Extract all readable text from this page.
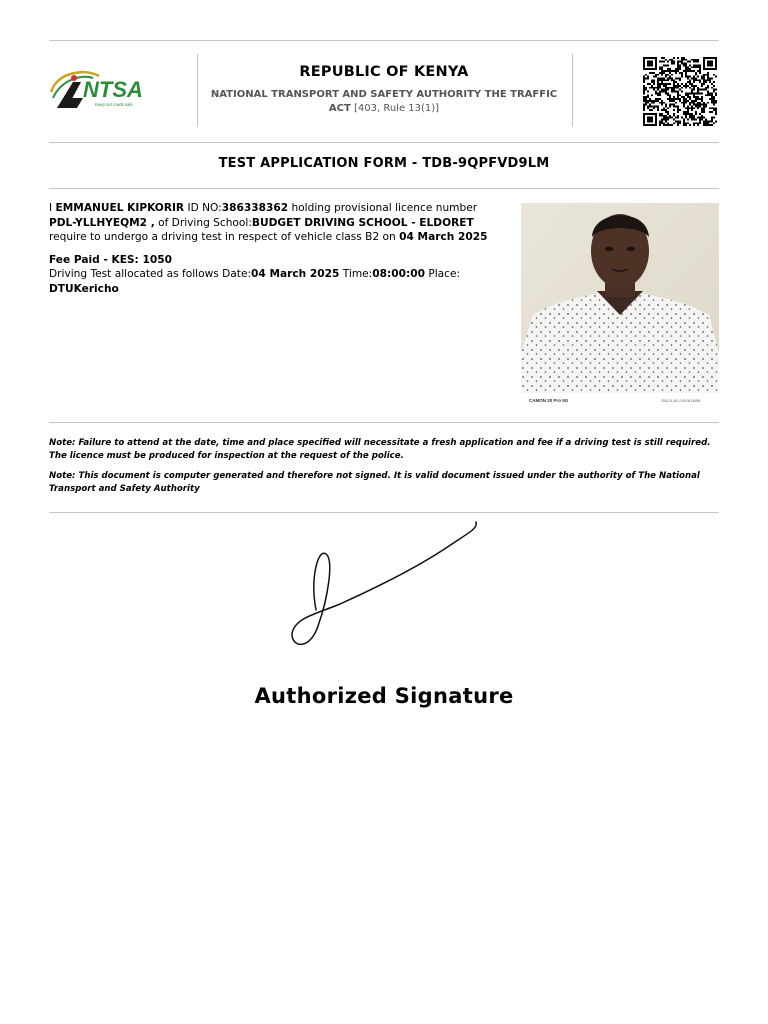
NTSA
Keep our roads safe
REPUBLIC OF KENYA
NATIONAL TRANSPORT AND SAFETY AUTHORITY THE TRAFFIC ACT [403, Rule 13(1)]
TEST APPLICATION FORM - TDB-9QPFVD9LM
I EMMANUEL KIPKORIR ID NO:386338362 holding provisional licence number
PDL-YLLHYEQM2 , of Driving School:BUDGET DRIVING SCHOOL - ELDORET
require to undergo a driving test in respect of vehicle class B2 on 04 March 2025
Fee Paid - KES: 1050
Driving Test allocated as follows Date:04 March 2025 Time:08:00:00 Place:
DTUKericho
CAMON 20 Pro 5G	2024-11-08 17:05:36 DNSB

Note: Failure to attend at the date, time and place specified will necessitate a fresh application and fee if a driving test is still required. The licence must be produced for inspection at the request of the police.

Note: This document is computer generated and therefore not signed. It is valid document issued under the authority of The National Transport and Safety Authority

Authorized Signature
